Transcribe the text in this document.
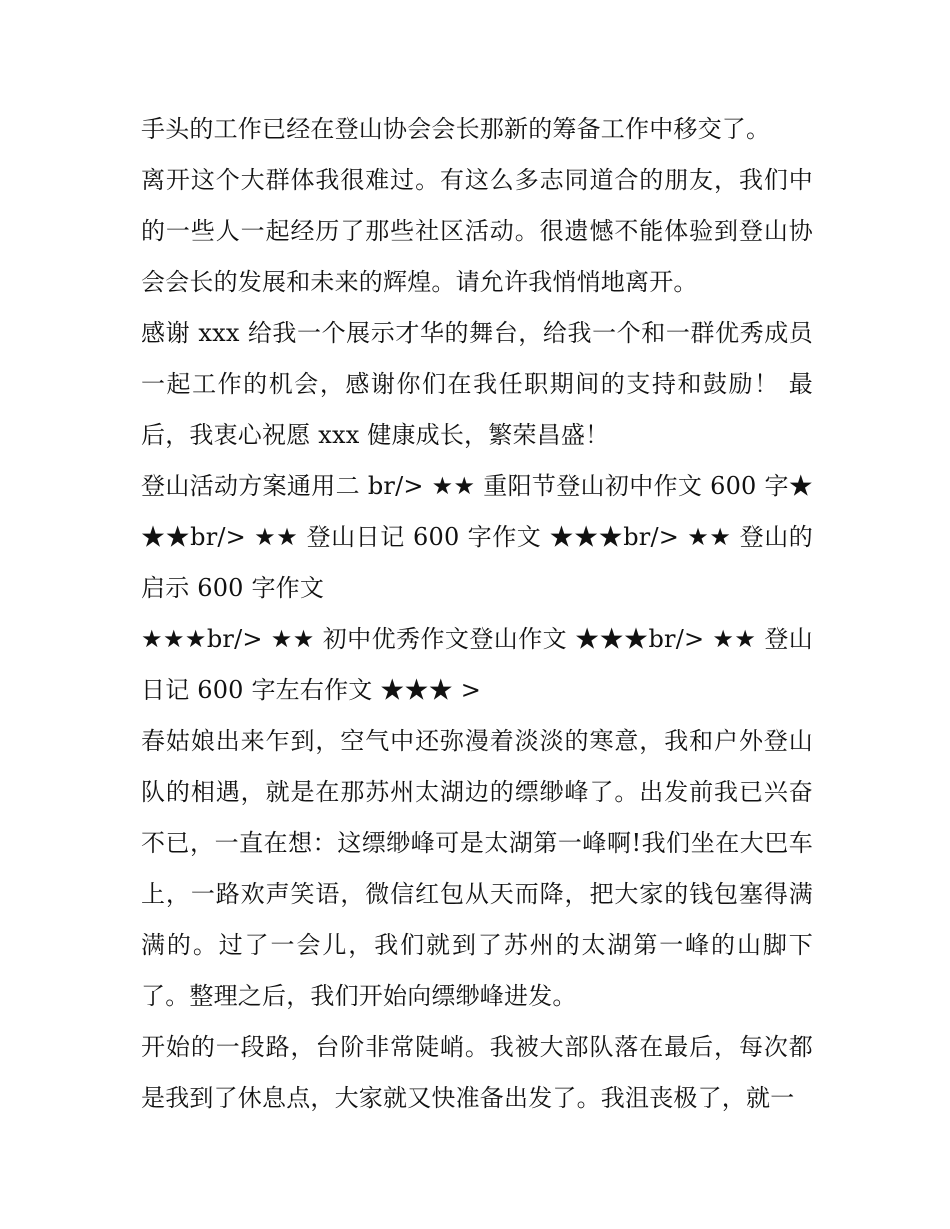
手头的工作已经在登山协会会长那新的筹备工作中移交了。

离开这个大群体我很难过。有这么多志同道合的朋友，我们中的一些人一起经历了那些社区活动。很遗憾不能体验到登山协会会长的发展和未来的辉煌。请允许我悄悄地离开。

感谢 xxx 给我一个展示才华的舞台，给我一个和一群优秀成员一起工作的机会，感谢你们在我任职期间的支持和鼓励！ 最后，我衷心祝愿 xxx 健康成长，繁荣昌盛！

登山活动方案通用二 br/> ★★ 重阳节登山初中作文 600 字★★★br/> ★★ 登山日记 600 字作文 ★★★br/> ★★ 登山的启示 600 字作文

★★★br/> ★★ 初中优秀作文登山作文 ★★★br/> ★★ 登山日记 600 字左右作文 ★★★ >

春姑娘出来乍到，空气中还弥漫着淡淡的寒意，我和户外登山队的相遇，就是在那苏州太湖边的缥缈峰了。出发前我已兴奋不已，一直在想：这缥缈峰可是太湖第一峰啊!我们坐在大巴车上，一路欢声笑语，微信红包从天而降，把大家的钱包塞得满满的。过了一会儿，我们就到了苏州的太湖第一峰的山脚下了。整理之后，我们开始向缥缈峰进发。

开始的一段路，台阶非常陡峭。我被大部队落在最后，每次都是我到了休息点，大家就又快准备出发了。我沮丧极了，就一
